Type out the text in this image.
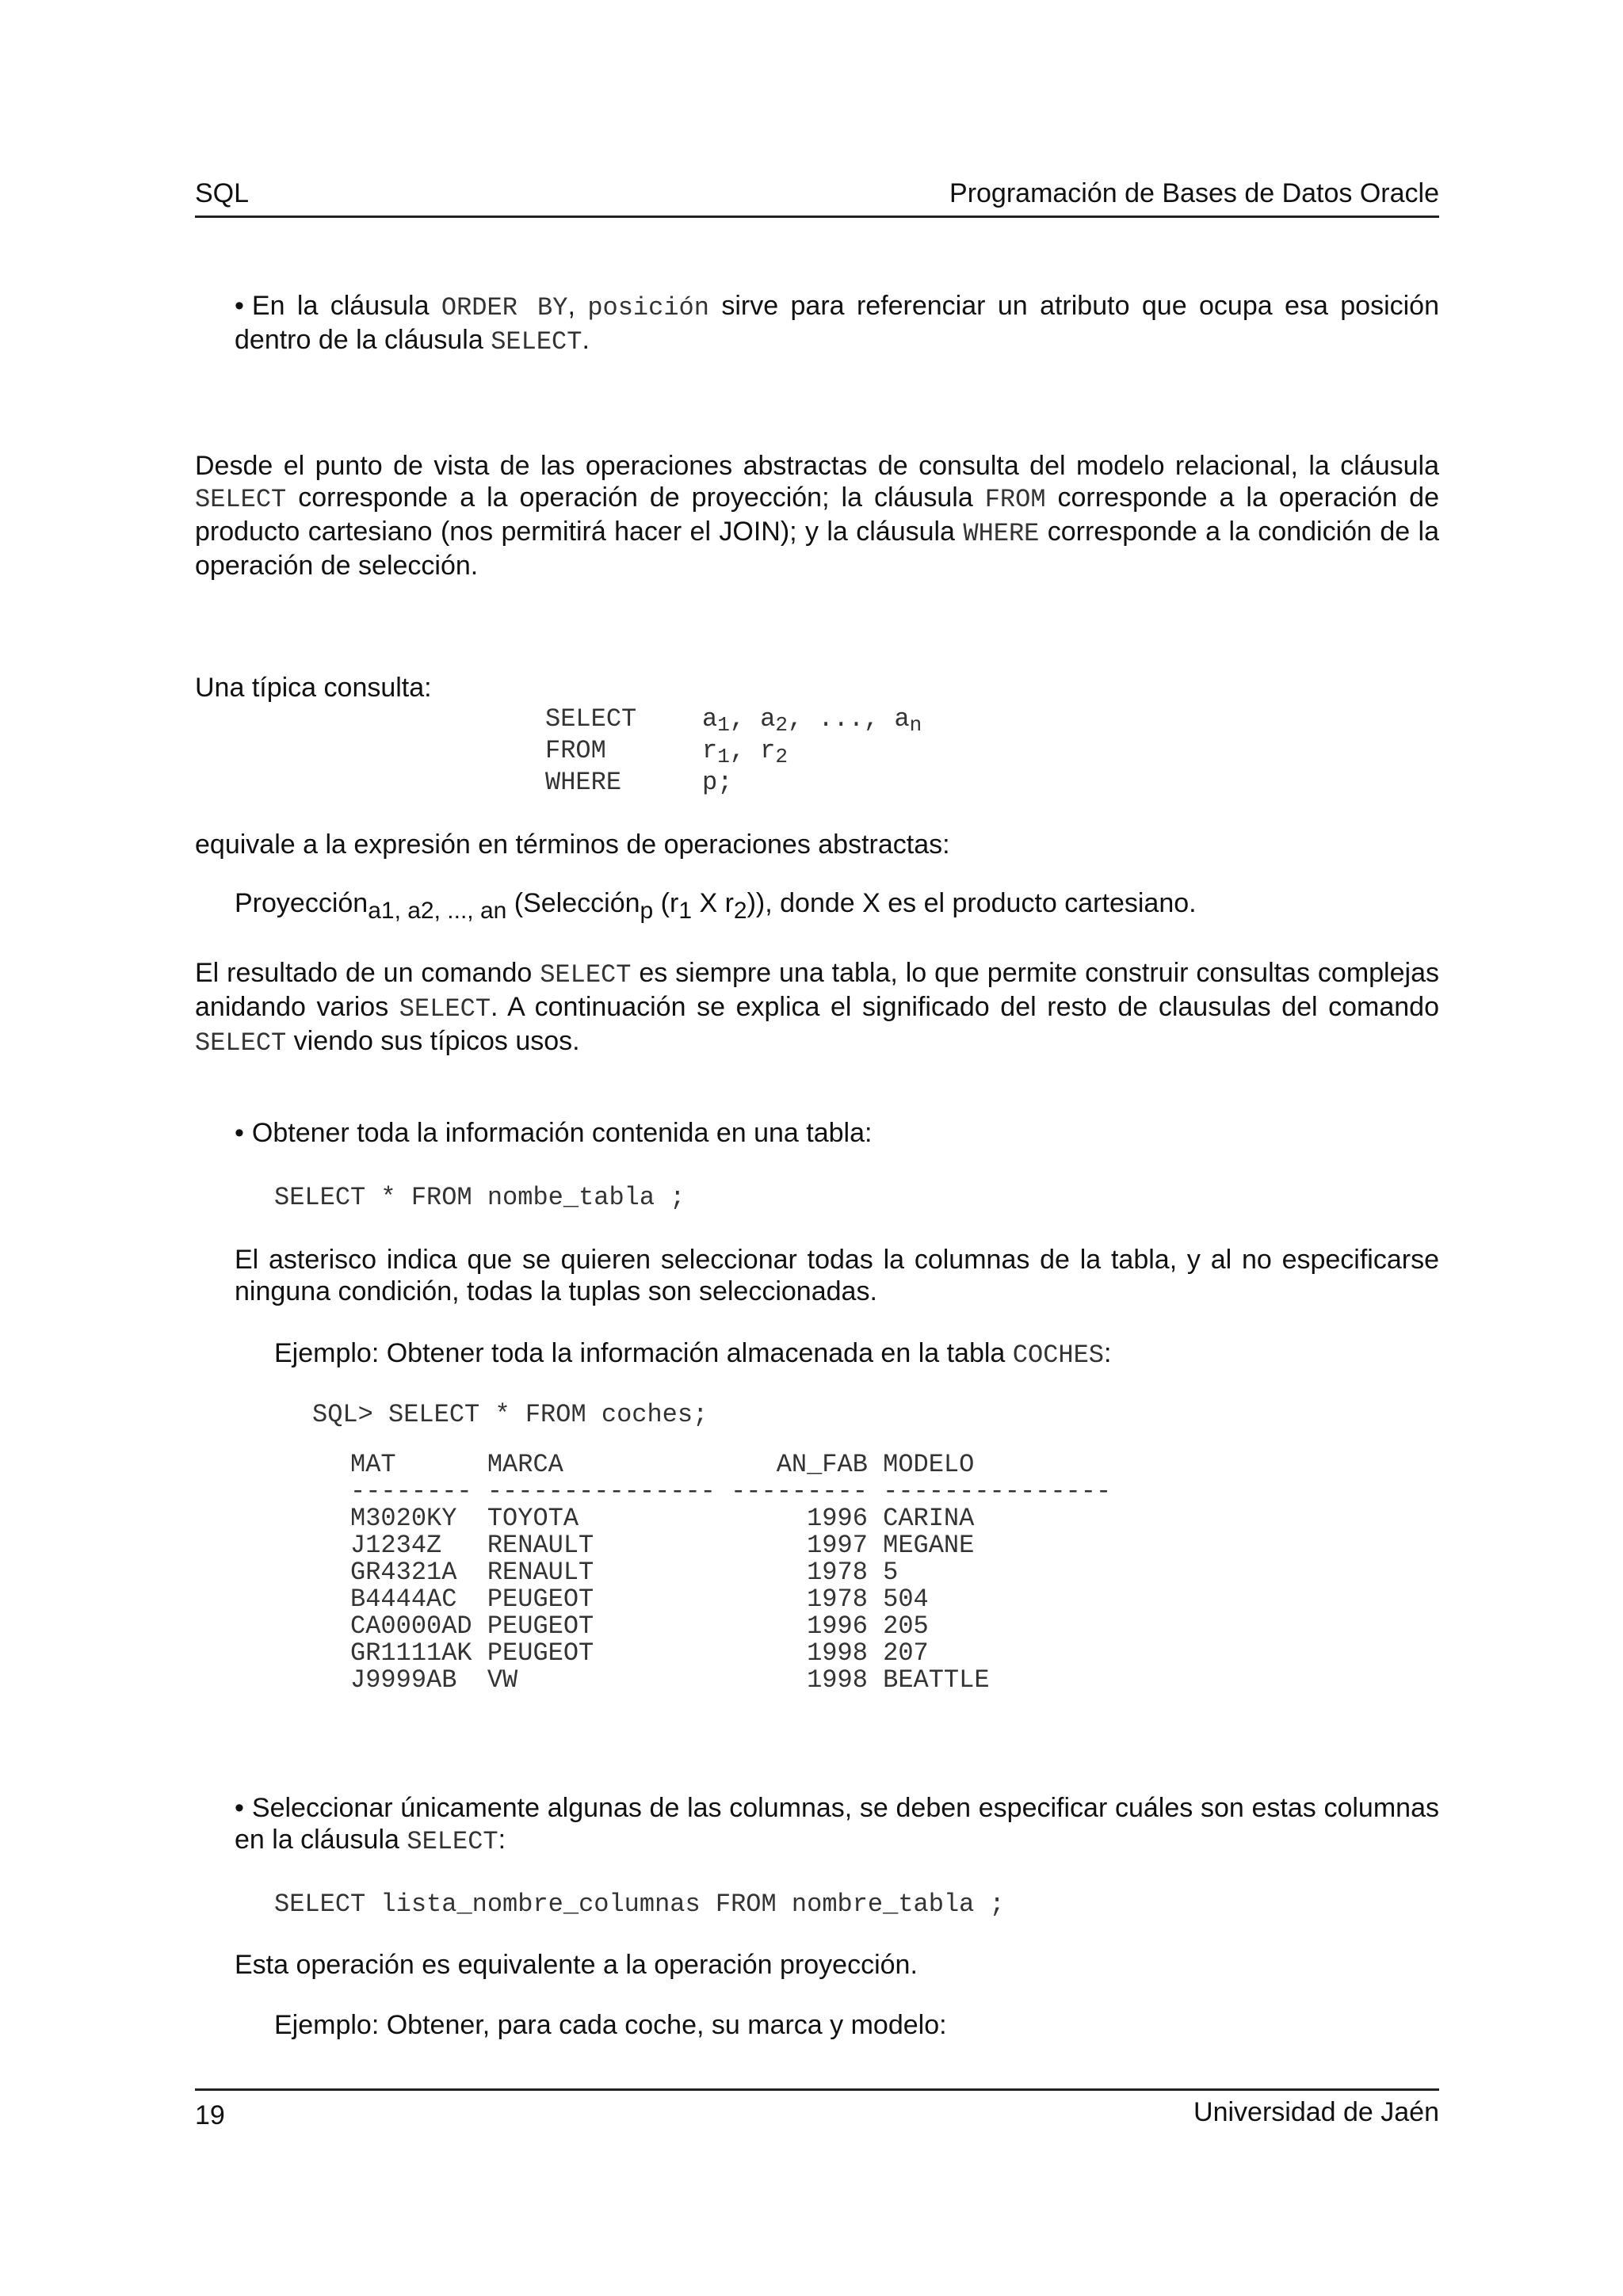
SQL	Programación de Bases de Datos Oracle
• En la cláusula ORDER BY, posición sirve para referenciar un atributo que ocupa esa posición dentro de la cláusula SELECT.
Desde el punto de vista de las operaciones abstractas de consulta del modelo relacional, la cláusula SELECT corresponde a la operación de proyección; la cláusula FROM corresponde a la operación de producto cartesiano (nos permitirá hacer el JOIN); y la cláusula WHERE corresponde a la condición de la operación de selección.
Una típica consulta:
SELECT	$a_1$, $a_2$, ..., $a_n$
FROM	$r_1$, $r_2$
WHERE	p;
equivale a la expresión en términos de operaciones abstractas:
Proyección$_{a1, a2, ..., an}$ (Selección$_p$ ($r_1$ X $r_2$)), donde X es el producto cartesiano.
El resultado de un comando SELECT es siempre una tabla, lo que permite construir consultas complejas anidando varios SELECT. A continuación se explica el significado del resto de clausulas del comando SELECT viendo sus típicos usos.
• Obtener toda la información contenida en una tabla:
SELECT * FROM nombe_tabla ;
El asterisco indica que se quieren seleccionar todas la columnas de la tabla, y al no especificarse ninguna condición, todas la tuplas son seleccionadas.
Ejemplo: Obtener toda la información almacenada en la tabla COCHES:
SQL> SELECT * FROM coches;
MAT      MARCA              AN_FAB MODELO
-------- --------------- --------- ---------------
M3020KY  TOYOTA               1996 CARINA
J1234Z   RENAULT              1997 MEGANE
GR4321A  RENAULT              1978 5
B4444AC  PEUGEOT              1978 504
CA0000AD PEUGEOT              1996 205
GR1111AK PEUGEOT              1998 207
J9999AB  VW                   1998 BEATTLE
• Seleccionar únicamente algunas de las columnas, se deben especificar cuáles son estas columnas en la cláusula SELECT:
SELECT lista_nombre_columnas FROM nombre_tabla ;
Esta operación es equivalente a la operación proyección.
Ejemplo: Obtener, para cada coche, su marca y modelo:
19	Universidad de Jaén
